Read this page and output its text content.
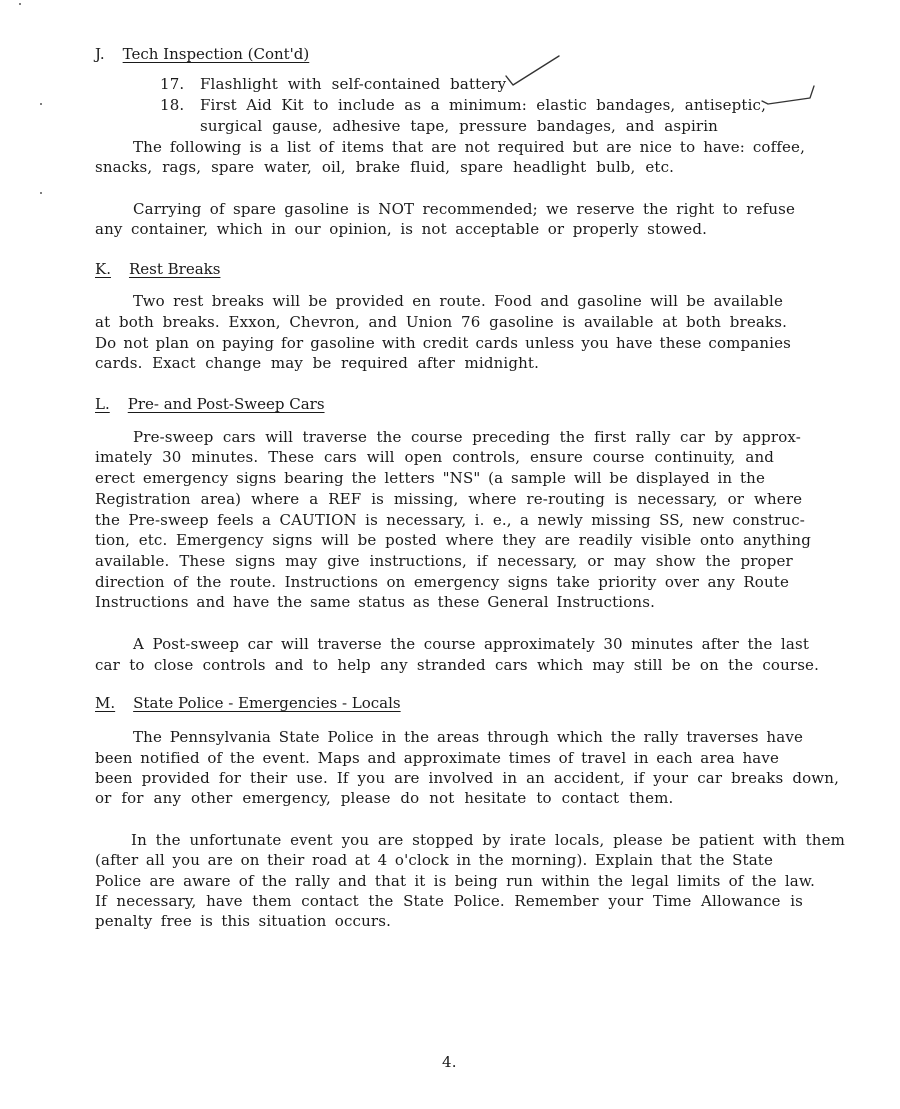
J. Tech Inspection (Cont'd)
17. Flashlight with self-contained battery
18. First Aid Kit to include as a minimum: elastic bandages, antiseptic,
surgical gause, adhesive tape, pressure bandages, and aspirin
The following is a list of items that are not required but are nice to have: coffee,
snacks, rags, spare water, oil, brake fluid, spare headlight bulb, etc.
Carrying of spare gasoline is NOT recommended; we reserve the right to refuse
any container, which in our opinion, is not acceptable or properly stowed.
K. Rest Breaks
Two rest breaks will be provided en route. Food and gasoline will be available
at both breaks. Exxon, Chevron, and Union 76 gasoline is available at both breaks.
Do not plan on paying for gasoline with credit cards unless you have these companies
cards. Exact change may be required after midnight.
L. Pre- and Post-Sweep Cars
Pre-sweep cars will traverse the course preceding the first rally car by approx-
imately 30 minutes. These cars will open controls, ensure course continuity, and
erect emergency signs bearing the letters "NS" (a sample will be displayed in the
Registration area) where a REF is missing, where re-routing is necessary, or where
the Pre-sweep feels a CAUTION is necessary, i. e., a newly missing SS, new construc-
tion, etc. Emergency signs will be posted where they are readily visible onto anything
available. These signs may give instructions, if necessary, or may show the proper
direction of the route. Instructions on emergency signs take priority over any Route
Instructions and have the same status as these General Instructions.
A Post-sweep car will traverse the course approximately 30 minutes after the last
car to close controls and to help any stranded cars which may still be on the course.
M. State Police - Emergencies - Locals
The Pennsylvania State Police in the areas through which the rally traverses have
been notified of the event. Maps and approximate times of travel in each area have
been provided for their use. If you are involved in an accident, if your car breaks down,
or for any other emergency, please do not hesitate to contact them.
In the unfortunate event you are stopped by irate locals, please be patient with them
(after all you are on their road at 4 o'clock in the morning). Explain that the State
Police are aware of the rally and that it is being run within the legal limits of the law.
If necessary, have them contact the State Police. Remember your Time Allowance is
penalty free is this situation occurs.
4.
